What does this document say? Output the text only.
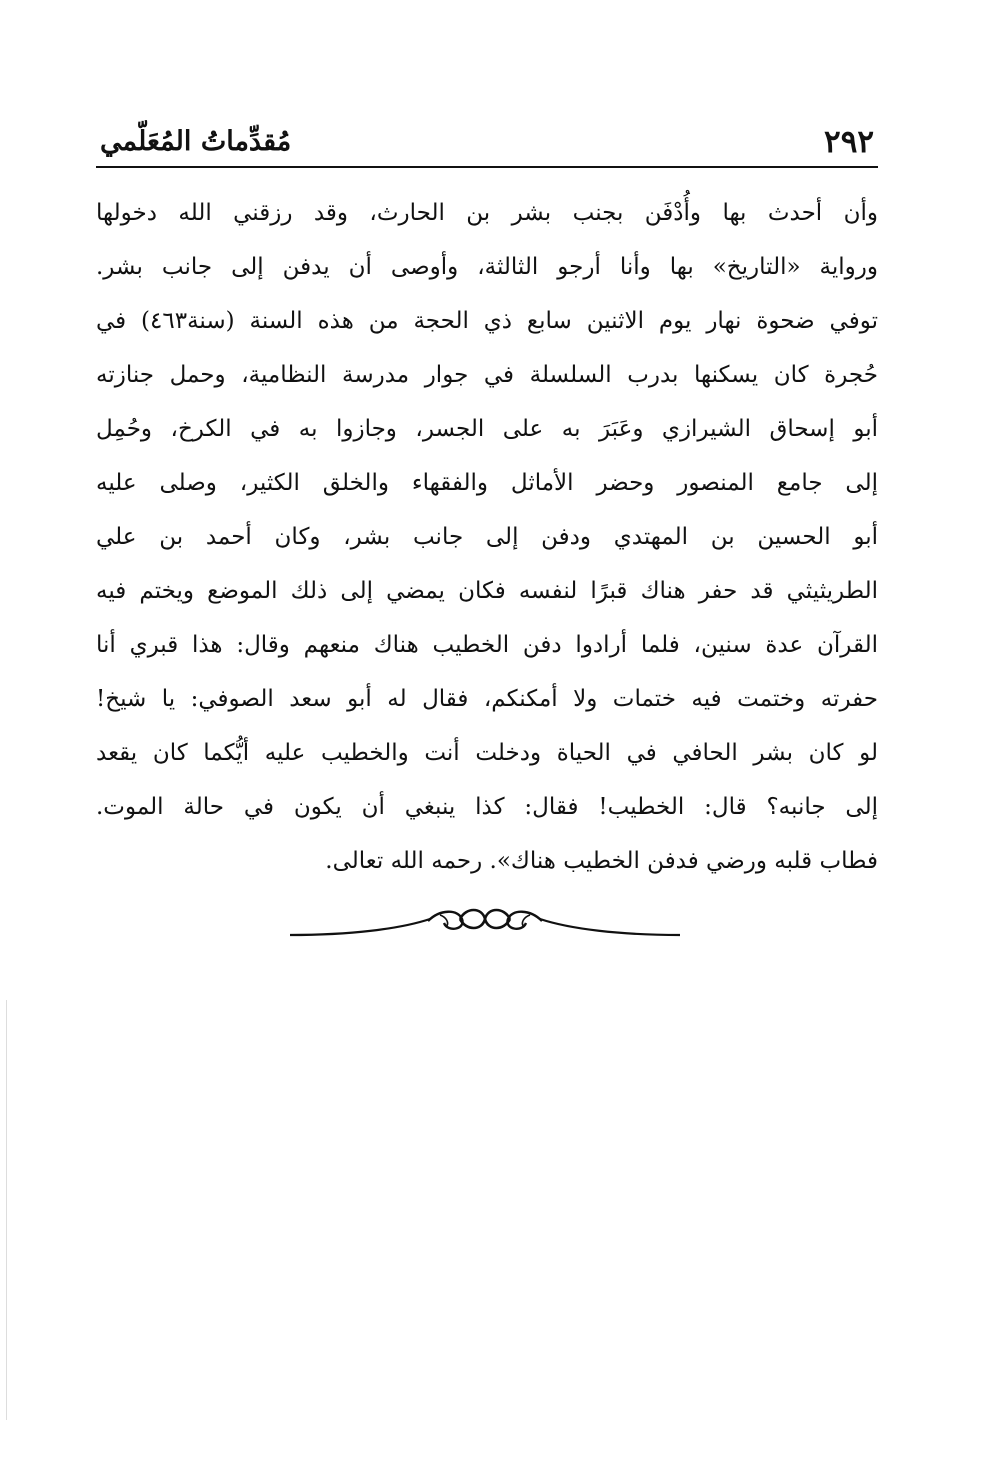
٢٩٢
مُقدِّماتُ المُعَلّمي
وأن أحدث بها وأُدْفَن بجنب بشر بن الحارث، وقد رزقني الله دخولها
ورواية «التاريخ» بها وأنا أرجو الثالثة، وأوصى أن يدفن إلى جانب بشر.
توفي ضحوة نهار يوم الاثنين سابع ذي الحجة من هذه السنة (سنة٤٦٣) في
حُجرة كان يسكنها بدرب السلسلة في جوار مدرسة النظامية، وحمل جنازته
أبو إسحاق الشيرازي وعَبَرَ به على الجسر، وجازوا به في الكرخ، وحُمِل
إلى جامع المنصور وحضر الأماثل والفقهاء والخلق الكثير، وصلى عليه
أبو الحسين بن المهتدي ودفن إلى جانب بشر، وكان أحمد بن علي
الطريثيثي قد حفر هناك قبرًا لنفسه فكان يمضي إلى ذلك الموضع ويختم فيه
القرآن عدة سنين، فلما أرادوا دفن الخطيب هناك منعهم وقال: هذا قبري أنا
حفرته وختمت فيه ختمات ولا أمكنكم، فقال له أبو سعد الصوفي: يا شيخ!
لو كان بشر الحافي في الحياة ودخلت أنت والخطيب عليه أيُّكما كان يقعد
إلى جانبه؟ قال: الخطيب! فقال: كذا ينبغي أن يكون في حالة الموت.
فطاب قلبه ورضي فدفن الخطيب هناك». رحمه الله تعالى.
